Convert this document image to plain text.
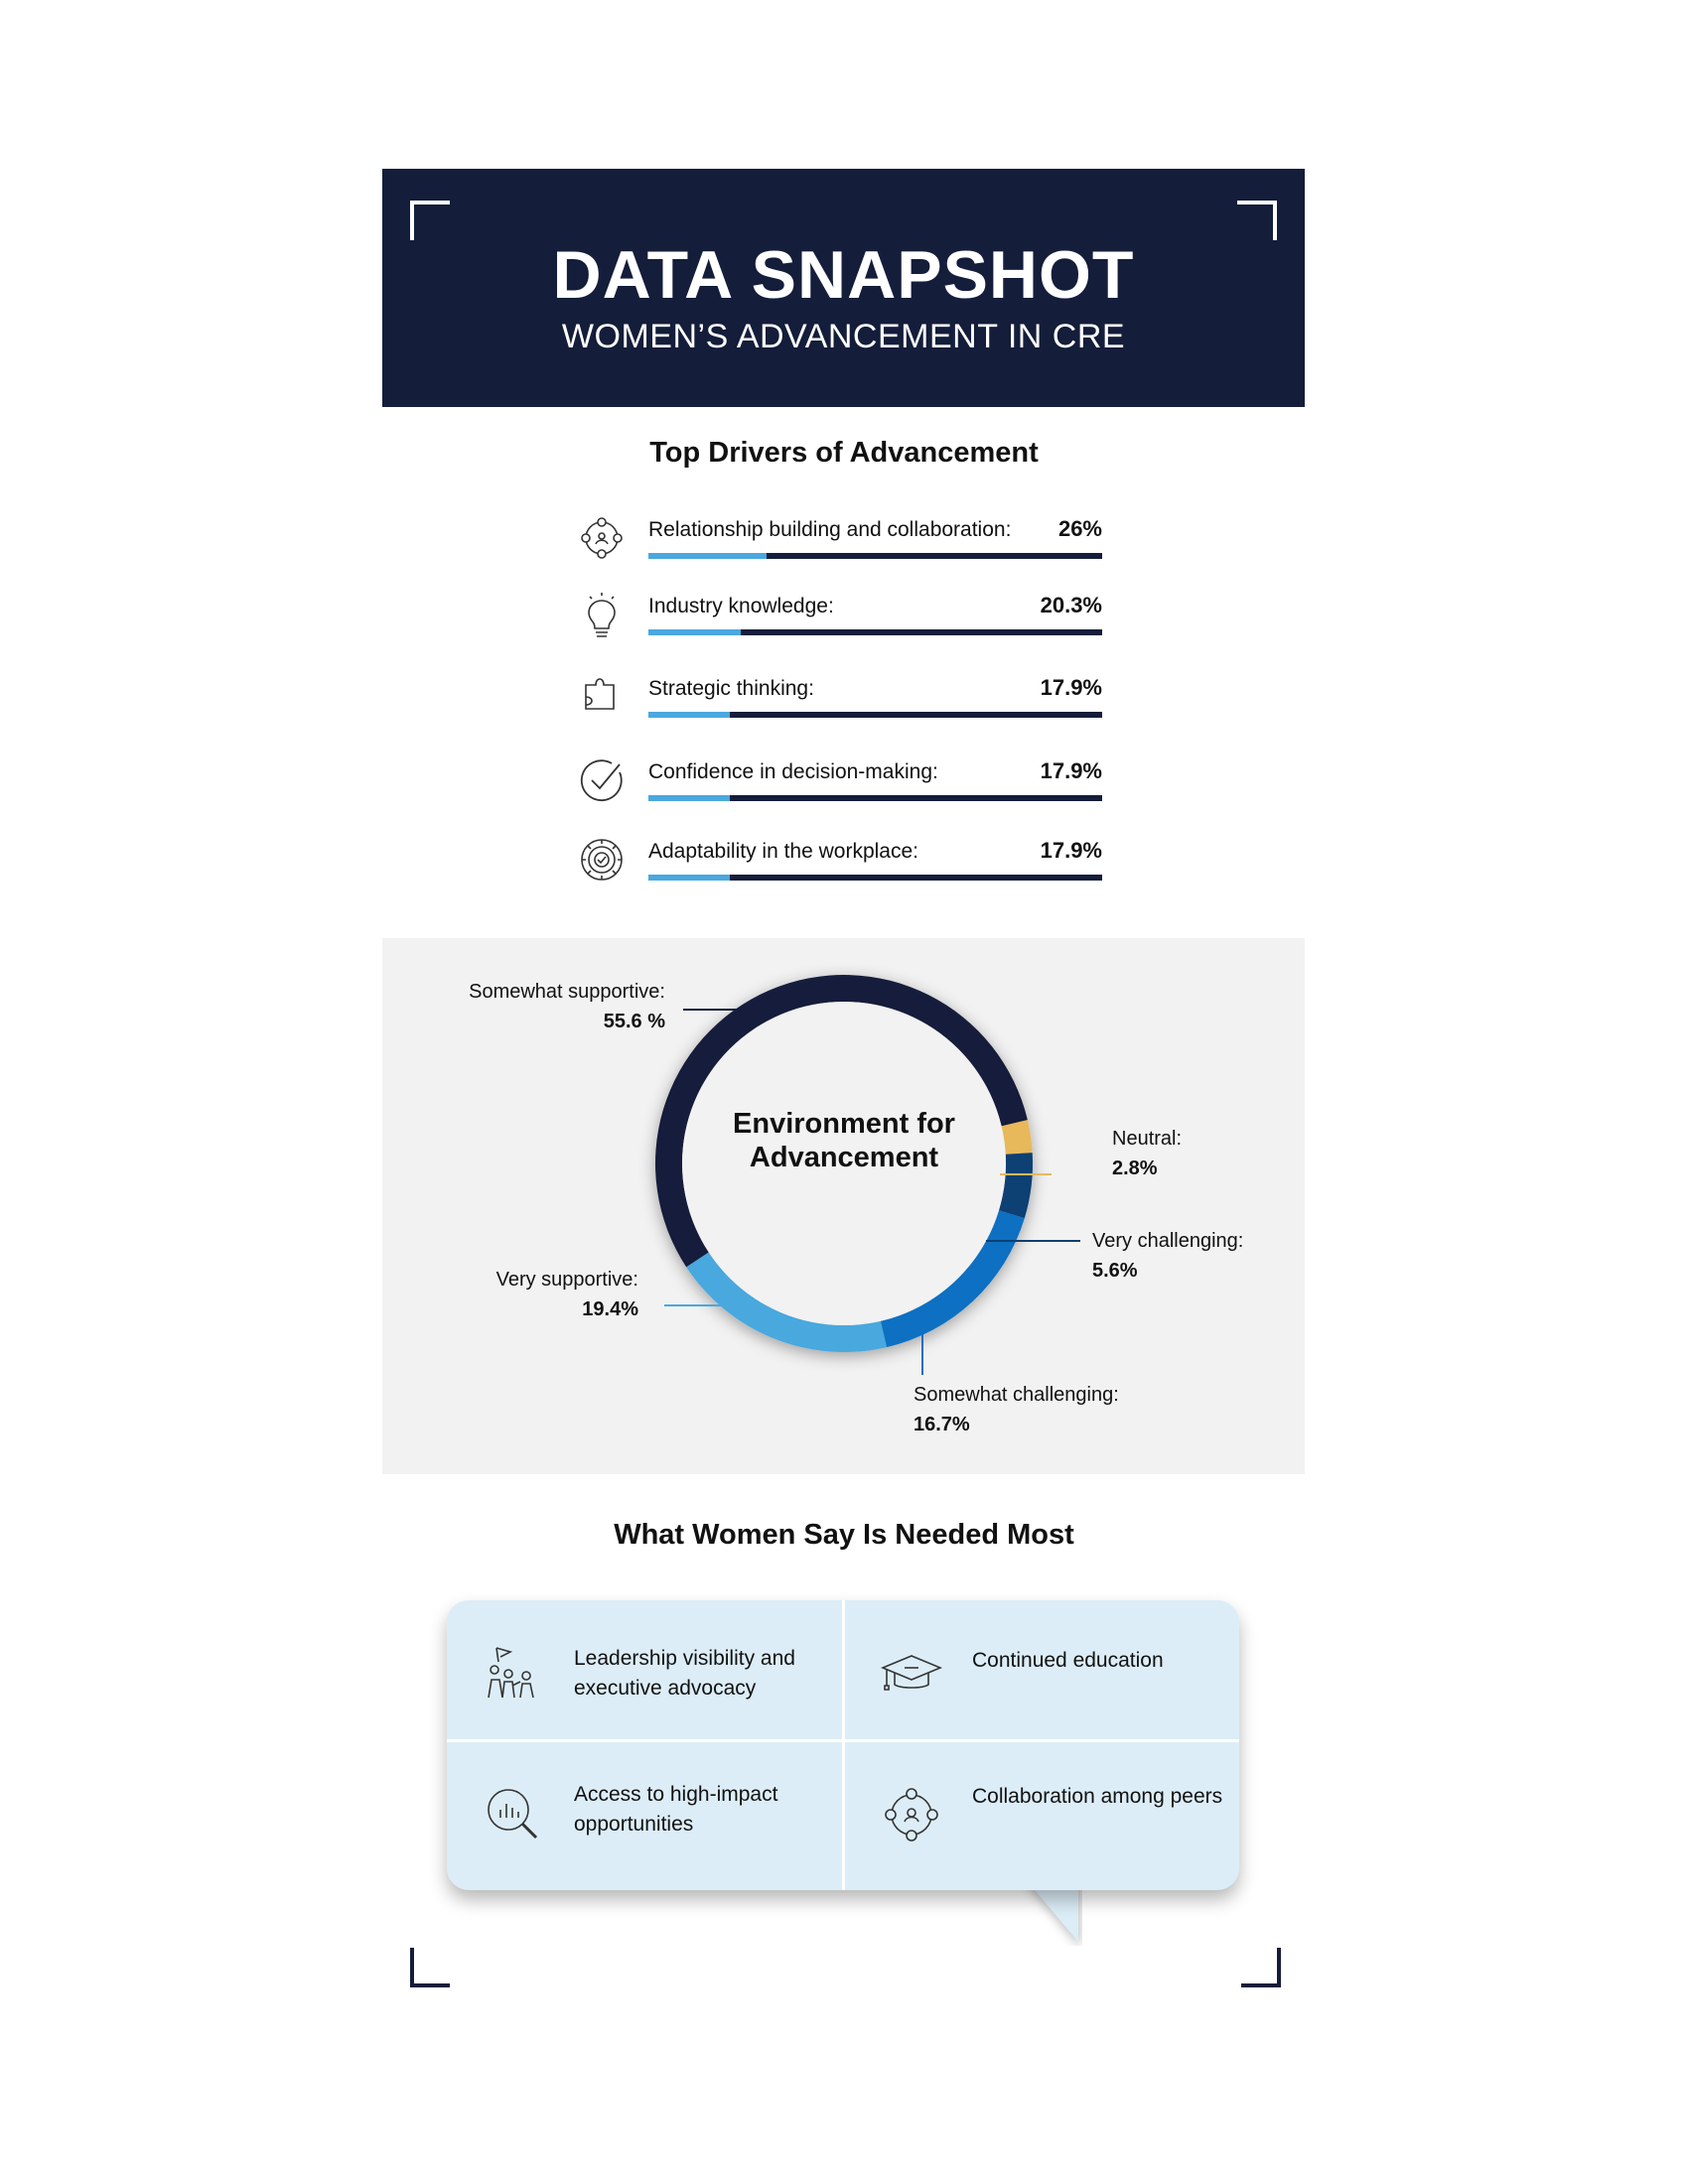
DATA SNAPSHOT
WOMEN’S ADVANCEMENT IN CRE
Top Drivers of Advancement
Relationship building and collaboration: 26%
Industry knowledge:	20.3%
Strategic thinking:	17.9%
Confidence in decision-making:	17.9%
Adaptability in the workplace:	17.9%
Environment for Advancement
Somewhat supportive:
55.6 %
Neutral:
2.8%
Very challenging:
5.6%
Somewhat challenging:
16.7%
Very supportive:
19.4%
What Women Say Is Needed Most
Leadership visibility and executive advocacy
Continued education
Access to high-impact opportunities
Collaboration among peers
